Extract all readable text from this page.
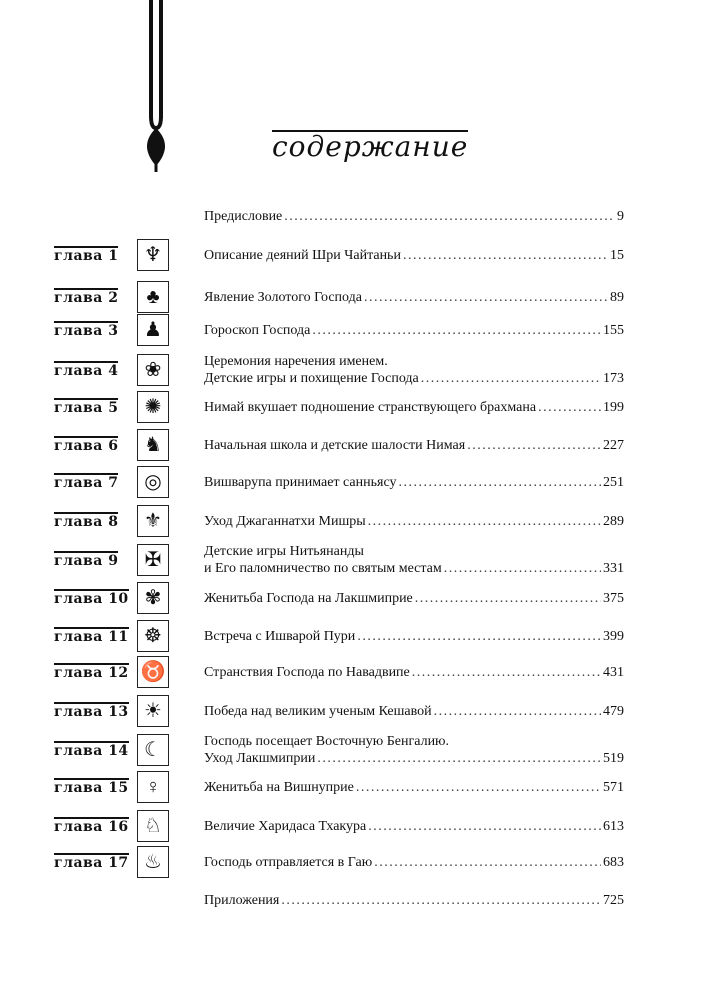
содержание
Предисловие . . .	9
глава 1	♆	Описание деяний Шри Чайтаньи . . .	15
глава 2	♣	Явление Золотого Господа . . .	89
глава 3	♟	Гороскоп Господа . . .	155
глава 4	❀	Церемония наречения именем.
Детские игры и похищение Господа . . .	173
глава 5	✺	Нимай вкушает подношение странствующего брахмана . . .	199
глава 6	♞	Начальная школа и детские шалости Нимая . . .	227
глава 7	◎	Вишварупа принимает санньясу . . .	251
глава 8	⚜	Уход Джаганнатхи Мишры . . .	289
глава 9	✠	Детские игры Нитьянанды
и Его паломничество по святым местам . . .	331
глава 10 ✾	Женитьба Господа на Лакшмиприе . . .	375
глава 11 ☸	Встреча с Ишварой Пури . . .	399
глава 12 ♉	Странствия Господа по Навадвипе . . .	431
глава 13 ☀	Победа над великим ученым Кешавой . . .	479
глава 14 ☾	Господь посещает Восточную Бенгалию.
Уход Лакшмиприи . . .	519
глава 15 ♀	Женитьба на Вишнуприе . . .	571
глава 16 ♘	Величие Харидаса Тхакура . . .	613
глава 17 ♨	Господь отправляется в Гаю . . .	683
Приложения . . .	725
